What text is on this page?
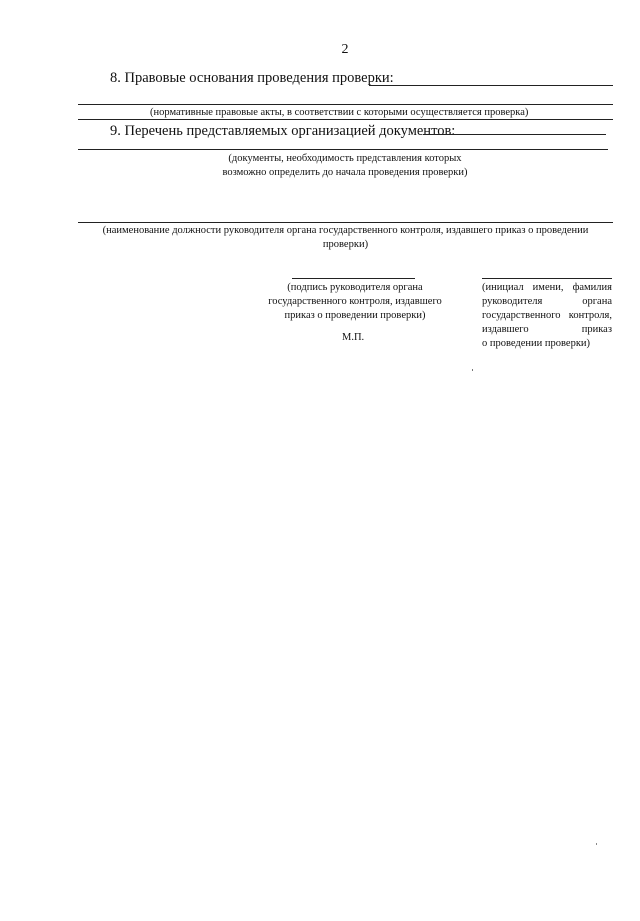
2
8. Правовые основания проведения проверки:
(нормативные правовые акты, в соответствии с которыми осуществляется проверка)
9. Перечень представляемых организацией документов:
(документы, необходимость представления которых
возможно определить до начала проведения проверки)
(наименование должности руководителя органа государственного контроля, издавшего приказ о проведении
проверки)
(подпись руководителя органа
государственного контроля, издавшего
приказ о проведении проверки)
М.П.
(инициал имени, фамилия
руководителя органа
государственного контроля,
издавшего приказ
о проведении проверки)
